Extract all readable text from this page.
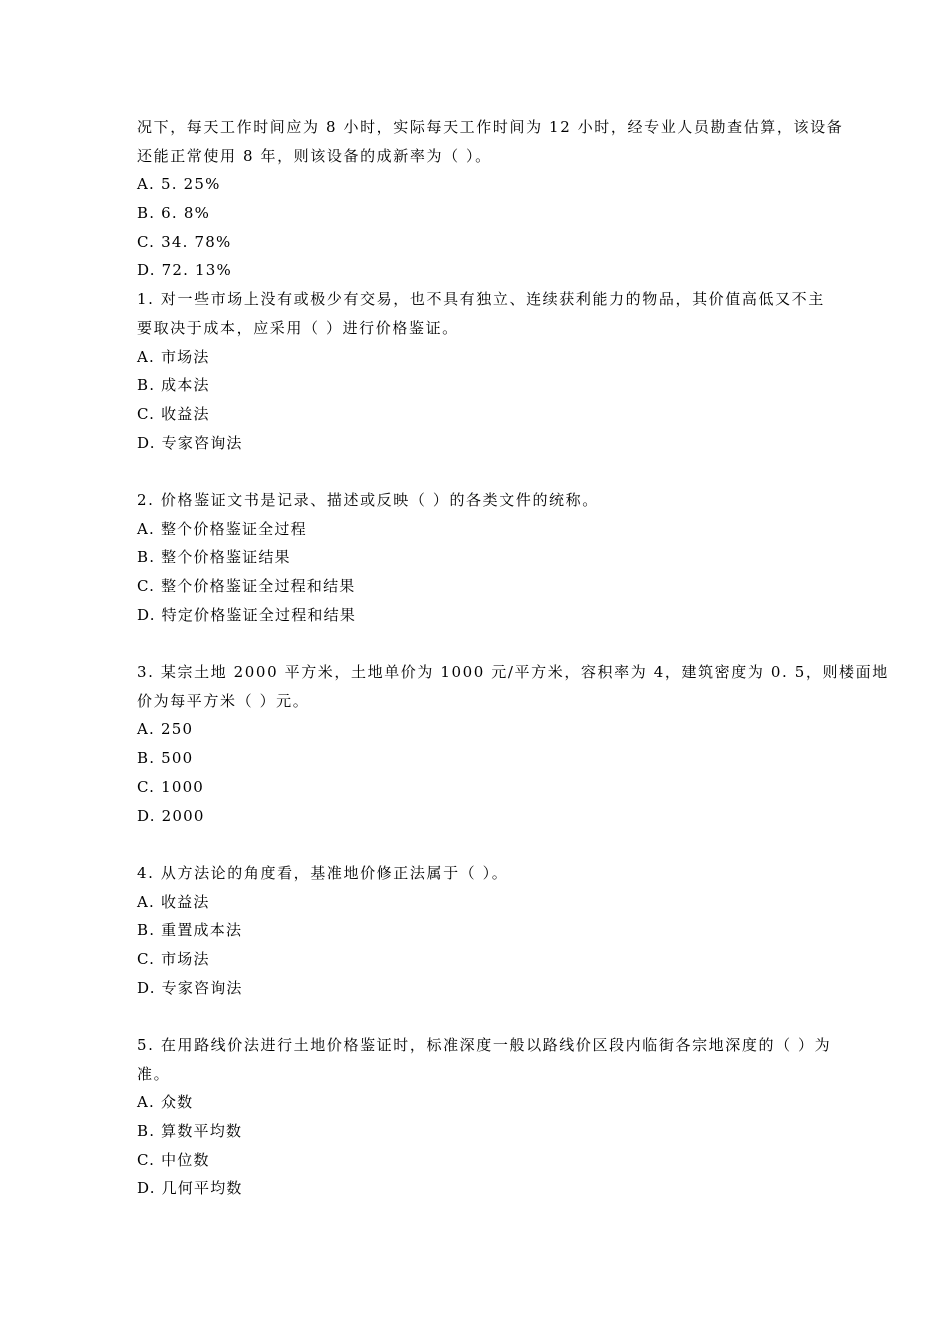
况下，每天工作时间应为 8 小时，实际每天工作时间为 12 小时，经专业人员勘查估算，该设备
还能正常使用 8 年，则该设备的成新率为（ ）。
A. 5. 25%
B. 6. 8%
C. 34. 78%
D. 72. 13%
1. 对一些市场上没有或极少有交易，也不具有独立、连续获利能力的物品，其价值高低又不主
要取决于成本，应采用（ ）进行价格鉴证。
A. 市场法
B. 成本法
C. 收益法
D. 专家咨询法
2. 价格鉴证文书是记录、描述或反映（ ）的各类文件的统称。
A. 整个价格鉴证全过程
B. 整个价格鉴证结果
C. 整个价格鉴证全过程和结果
D. 特定价格鉴证全过程和结果
3. 某宗土地 2000 平方米，土地单价为 1000 元/平方米，容积率为 4，建筑密度为 0. 5，则楼面地
价为每平方米（ ）元。
A. 250
B. 500
C. 1000
D. 2000
4. 从方法论的角度看，基准地价修正法属于（ ）。
A. 收益法
B. 重置成本法
C. 市场法
D. 专家咨询法
5. 在用路线价法进行土地价格鉴证时，标准深度一般以路线价区段内临街各宗地深度的（ ）为
准。
A. 众数
B. 算数平均数
C. 中位数
D. 几何平均数
